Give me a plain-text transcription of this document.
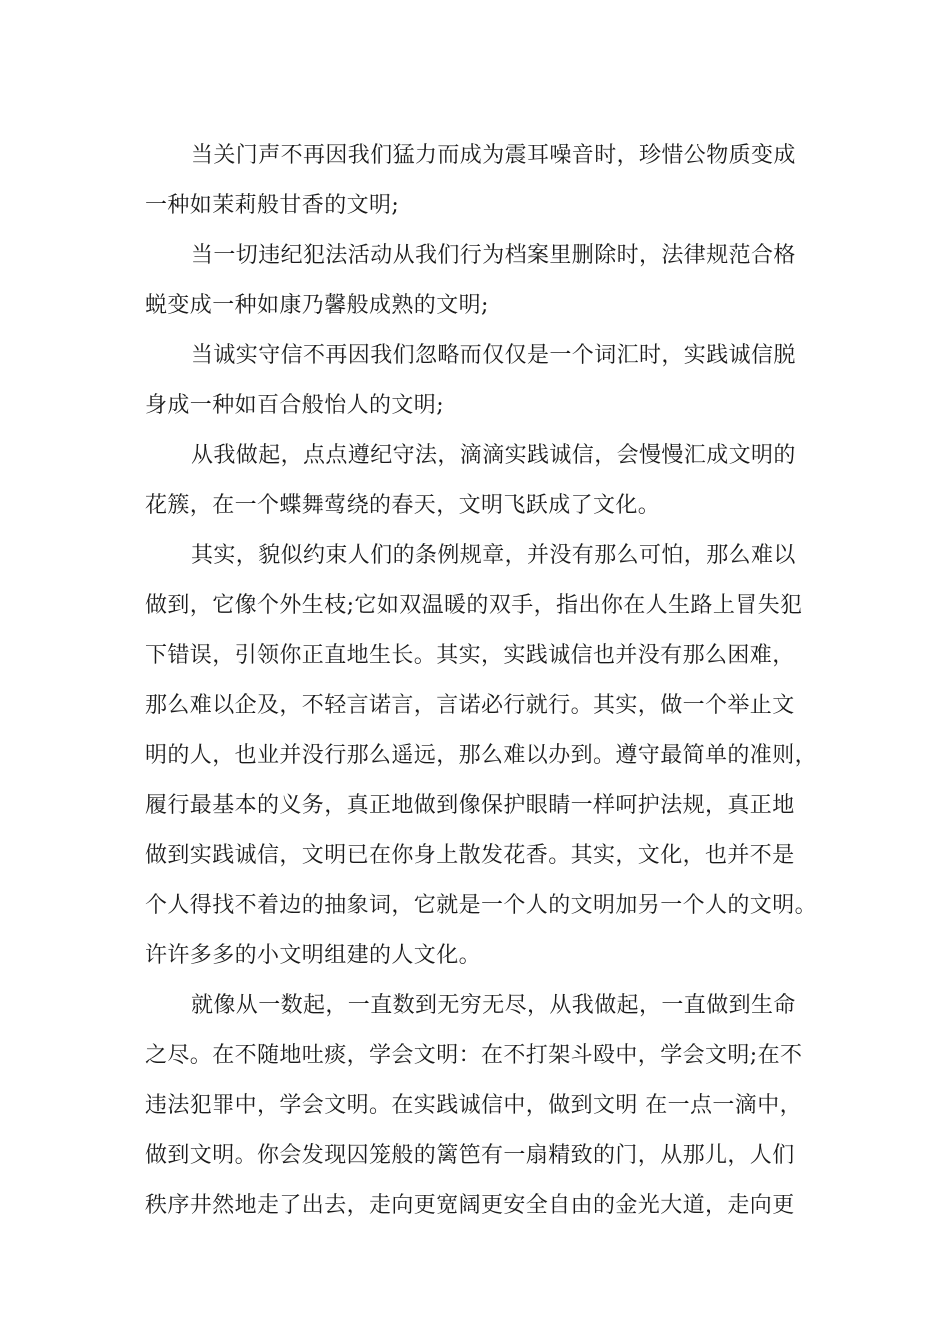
当关门声不再因我们猛力而成为震耳噪音时，珍惜公物质变成
一种如茉莉般甘香的文明;
当一切违纪犯法活动从我们行为档案里删除时，法律规范合格
蜕变成一种如康乃馨般成熟的文明;
当诚实守信不再因我们忽略而仅仅是一个词汇时，实践诚信脱
身成一种如百合般怡人的文明;
从我做起，点点遵纪守法，滴滴实践诚信，会慢慢汇成文明的
花簇，在一个蝶舞莺绕的春天，文明飞跃成了文化。
其实，貌似约束人们的条例规章，并没有那么可怕，那么难以
做到，它像个外生枝;它如双温暖的双手，指出你在人生路上冒失犯
下错误，引领你正直地生长。其实，实践诚信也并没有那么困难，
那么难以企及，不轻言诺言，言诺必行就行。其实，做一个举止文
明的人，也业并没行那么遥远，那么难以办到。遵守最简单的准则，
履行最基本的义务，真正地做到像保护眼睛一样呵护法规，真正地
做到实践诚信，文明已在你身上散发花香。其实，文化，也并不是
个人得找不着边的抽象词，它就是一个人的文明加另一个人的文明。
许许多多的小文明组建的人文化。
就像从一数起，一直数到无穷无尽，从我做起，一直做到生命
之尽。在不随地吐痰，学会文明：在不打架斗殴中，学会文明;在不
违法犯罪中，学会文明。在实践诚信中，做到文明 在一点一滴中，
做到文明。你会发现囚笼般的篱笆有一扇精致的门，从那儿，人们
秩序井然地走了出去，走向更宽阔更安全自由的金光大道，走向更
